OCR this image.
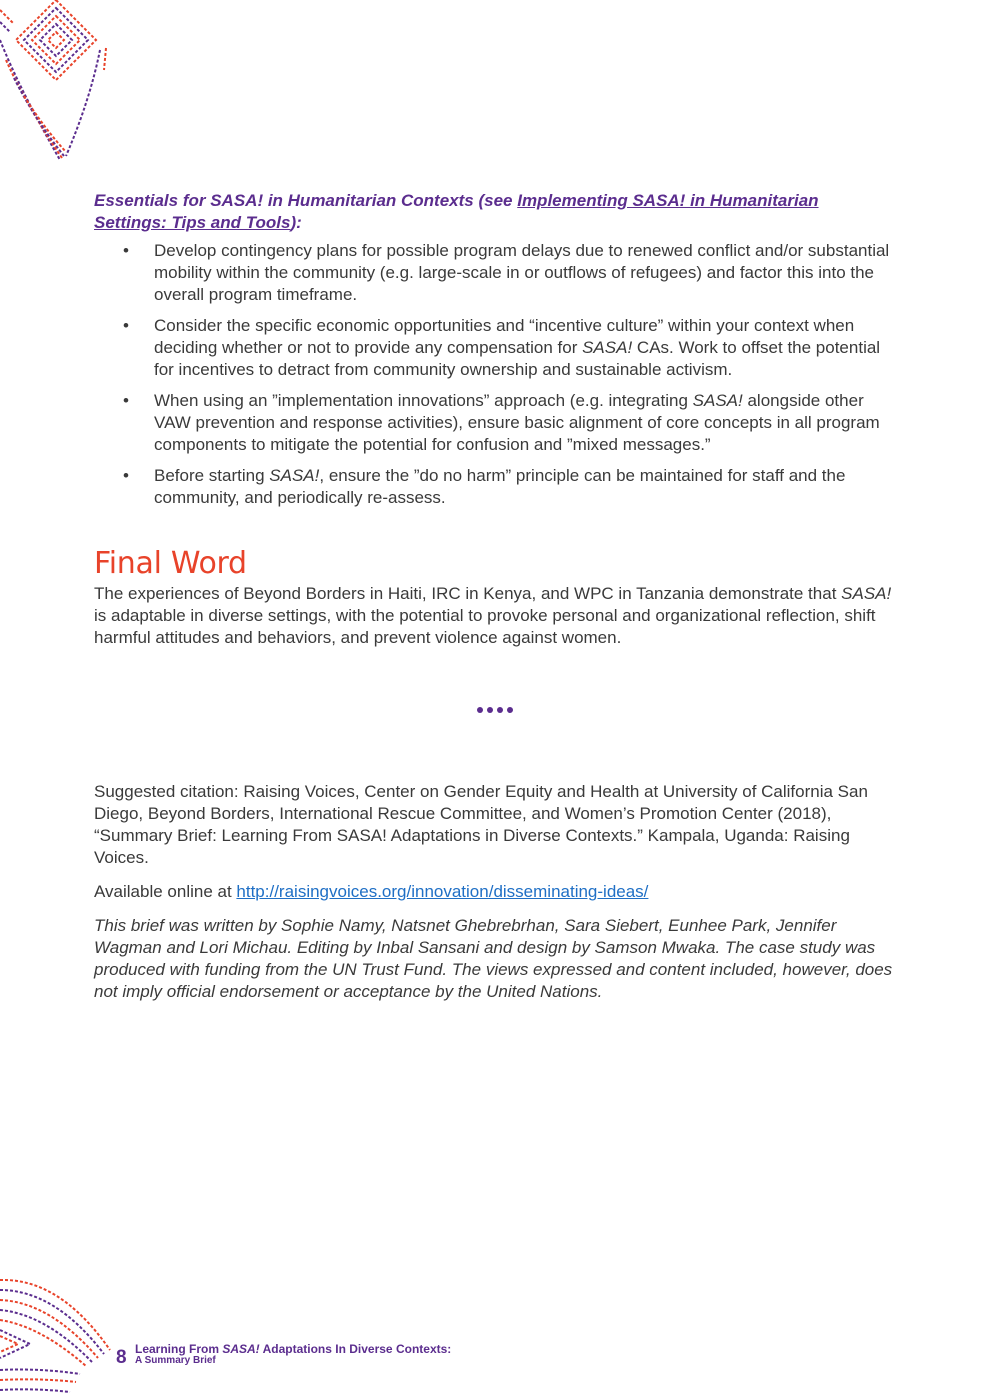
Essentials for SASA! in Humanitarian Contexts (see Implementing SASA! in Humanitarian Settings: Tips and Tools):

• Develop contingency plans for possible program delays due to renewed conflict and/or substantial mobility within the community (e.g. large-scale in or outflows of refugees) and factor this into the overall program timeframe.
• Consider the specific economic opportunities and “incentive culture” within your context when deciding whether or not to provide any compensation for SASA! CAs. Work to offset the potential for incentives to detract from community ownership and sustainable activism.
• When using an ”implementation innovations” approach (e.g. integrating SASA! alongside other VAW prevention and response activities), ensure basic alignment of core concepts in all program components to mitigate the potential for confusion and ”mixed messages.”
• Before starting SASA!, ensure the ”do no harm” principle can be maintained for staff and the community, and periodically re-assess.
Final Word

The experiences of Beyond Borders in Haiti, IRC in Kenya, and WPC in Tanzania demonstrate that SASA! is adaptable in diverse settings, with the potential to provoke personal and organizational reflection, shift harmful attitudes and behaviors, and prevent violence against women.

Suggested citation: Raising Voices, Center on Gender Equity and Health at University of California San Diego, Beyond Borders, International Rescue Committee, and Women’s Promotion Center (2018), “Summary Brief: Learning From SASA! Adaptations in Diverse Contexts.” Kampala, Uganda: Raising Voices.

Available online at http://raisingvoices.org/innovation/disseminating-ideas/

This brief was written by Sophie Namy, Natsnet Ghebrebrhan, Sara Siebert, Eunhee Park, Jennifer Wagman and Lori Michau. Editing by Inbal Sansani and design by Samson Mwaka. The case study was produced with funding from the UN Trust Fund. The views expressed and content included, however, does not imply official endorsement or acceptance by the United Nations.

8 Learning From SASA! Adaptations In Diverse Contexts:
A Summary Brief
